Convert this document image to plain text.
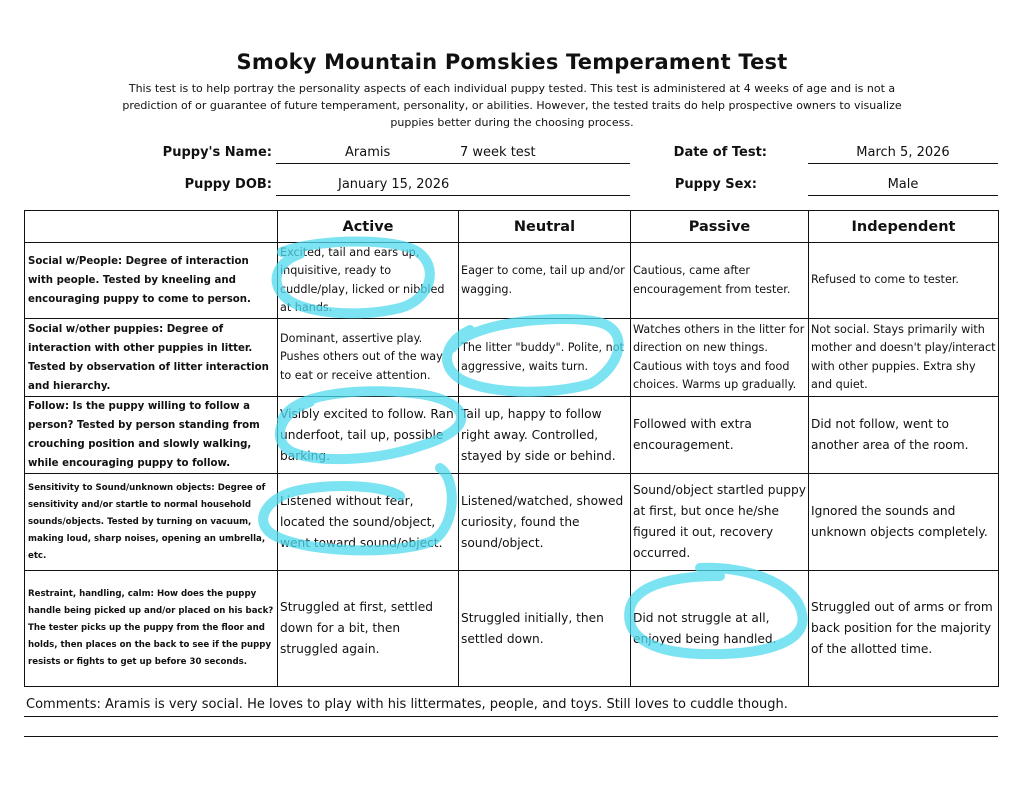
Smoky Mountain Pomskies Temperament Test
This test is to help portray the personality aspects of each individual puppy tested. This test is administered at 4 weeks of age and is not a prediction of or guarantee of future temperament, personality, or abilities. However, the tested traits do help prospective owners to visualize puppies better during the choosing process.
Puppy's Name:	Aramis	7 week test	Date of Test:	March 5, 2026
Puppy DOB:	January 15, 2026	Puppy Sex:	Male
	Active	Neutral	Passive	Independent
Social w/People: Degree of interaction with people. Tested by kneeling and encouraging puppy to come to person.	Excited, tail and ears up, inquisitive, ready to cuddle/play, licked or nibbled at hands.	Eager to come, tail up and/or wagging.	Cautious, came after encouragement from tester.	Refused to come to tester.
Social w/other puppies: Degree of interaction with other puppies in litter. Tested by observation of litter interaction and hierarchy.	Dominant, assertive play. Pushes others out of the way to eat or receive attention.	The litter "buddy". Polite, not aggressive, waits turn.	Watches others in the litter for direction on new things. Cautious with toys and food choices. Warms up gradually.	Not social. Stays primarily with mother and doesn't play/interact with other puppies. Extra shy and quiet.
Follow: Is the puppy willing to follow a person? Tested by person standing from crouching position and slowly walking, while encouraging puppy to follow.	Visibly excited to follow. Ran underfoot, tail up, possible barking.	Tail up, happy to follow right away. Controlled, stayed by side or behind.	Followed with extra encouragement.	Did not follow, went to another area of the room.
Sensitivity to Sound/unknown objects: Degree of sensitivity and/or startle to normal household sounds/objects. Tested by turning on vacuum, making loud, sharp noises, opening an umbrella, etc.	Listened without fear, located the sound/object, went toward sound/object.	Listened/watched, showed curiosity, found the sound/object.	Sound/object startled puppy at first, but once he/she figured it out, recovery occurred.	Ignored the sounds and unknown objects completely.
Restraint, handling, calm: How does the puppy handle being picked up and/or placed on his back? The tester picks up the puppy from the floor and holds, then places on the back to see if the puppy resists or fights to get up before 30 seconds.	Struggled at first, settled down for a bit, then struggled again.	Struggled initially, then settled down.	Did not struggle at all, enjoyed being handled.	Struggled out of arms or from back position for the majority of the allotted time.
Comments: Aramis is very social. He loves to play with his littermates, people, and toys. Still loves to cuddle though.
